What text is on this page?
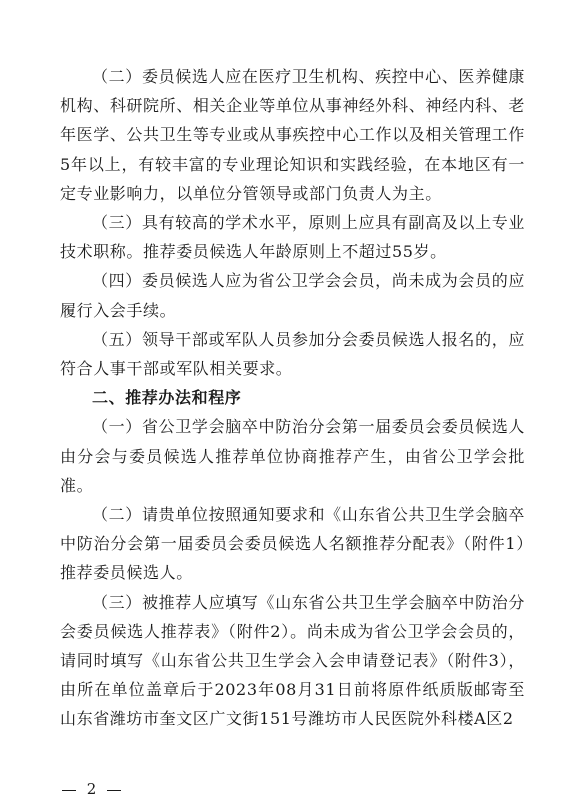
（二）委员候选人应在医疗卫生机构、疾控中心、医养健康机构、科研院所、相关企业等单位从事神经外科、神经内科、老年医学、公共卫生等专业或从事疾控中心工作以及相关管理工作5年以上，有较丰富的专业理论知识和实践经验，在本地区有一定专业影响力，以单位分管领导或部门负责人为主。

（三）具有较高的学术水平，原则上应具有副高及以上专业技术职称。推荐委员候选人年龄原则上不超过55岁。

（四）委员候选人应为省公卫学会会员，尚未成为会员的应履行入会手续。

（五）领导干部或军队人员参加分会委员候选人报名的，应符合人事干部或军队相关要求。

二、推荐办法和程序

（一）省公卫学会脑卒中防治分会第一届委员会委员候选人由分会与委员候选人推荐单位协商推荐产生，由省公卫学会批准。

（二）请贵单位按照通知要求和《山东省公共卫生学会脑卒中防治分会第一届委员会委员候选人名额推荐分配表》（附件1）推荐委员候选人。

（三）被推荐人应填写《山东省公共卫生学会脑卒中防治分会委员候选人推荐表》（附件2）。尚未成为省公卫学会会员的，请同时填写《山东省公共卫生学会入会申请登记表》（附件3），由所在单位盖章后于2023年08月31日前将原件纸质版邮寄至山东省潍坊市奎文区广文街151号潍坊市人民医院外科楼A区2

2
